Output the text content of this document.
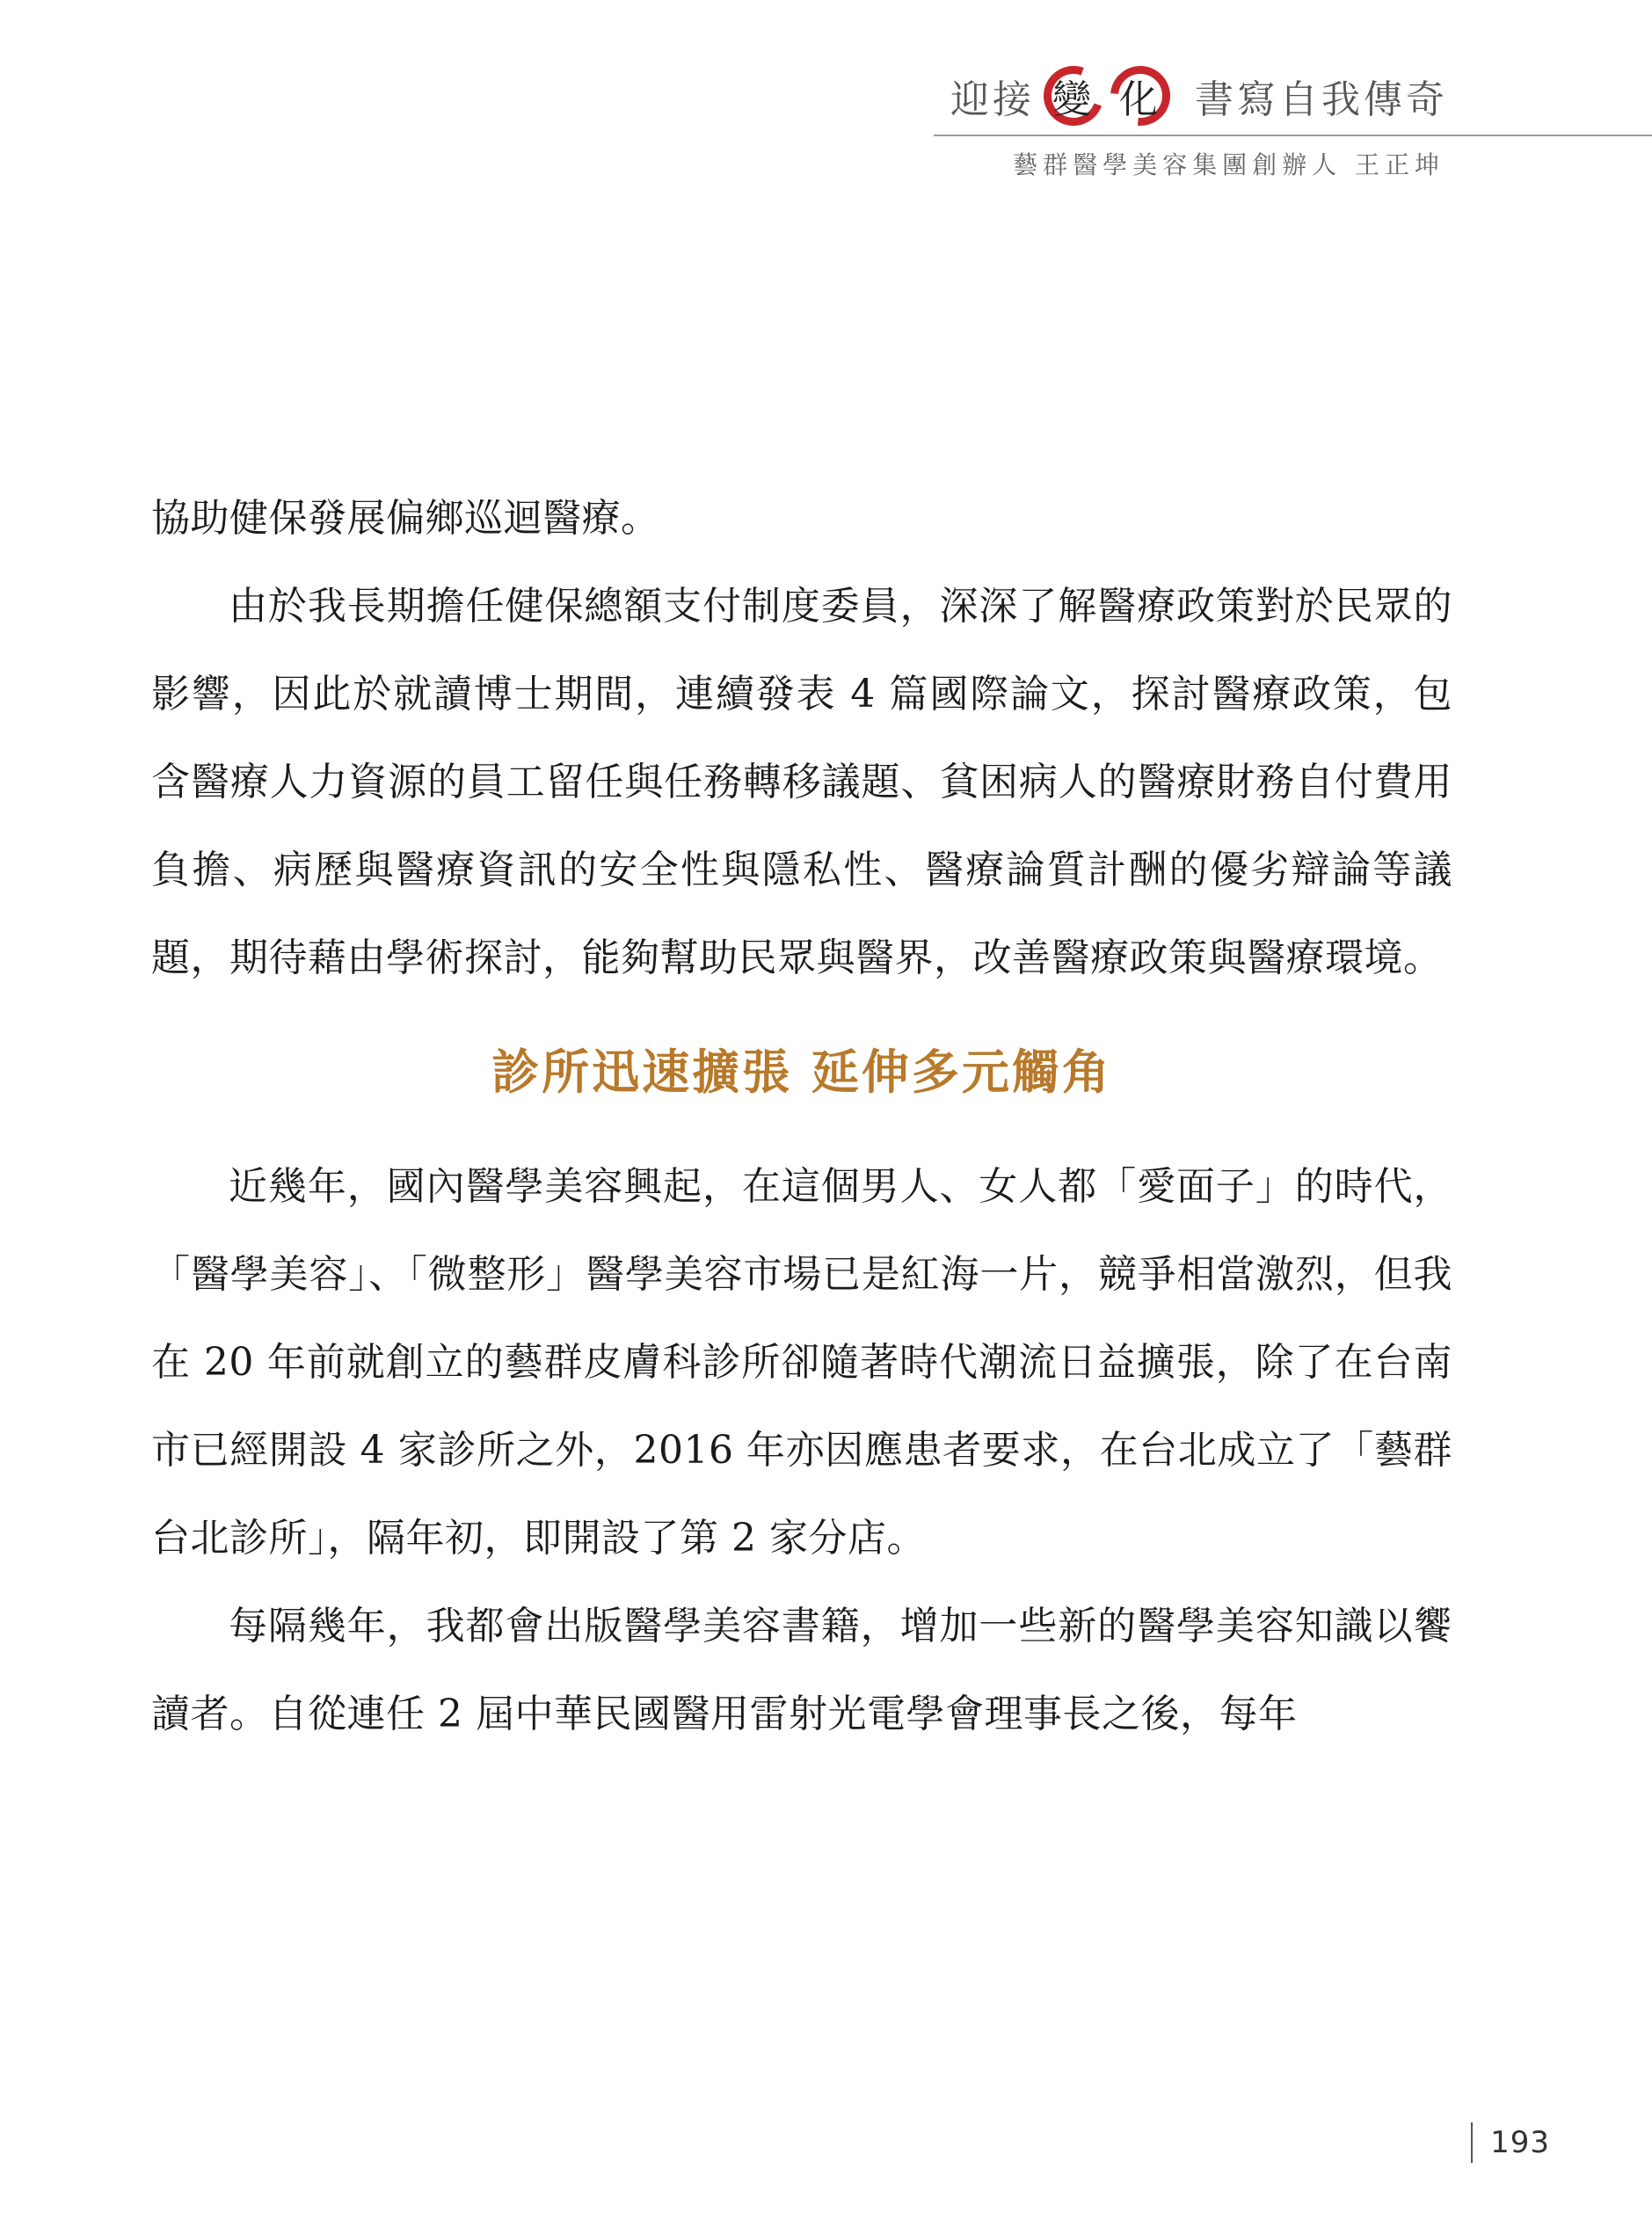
迎接 變 化 書寫自我傳奇
藝群醫學美容集團創辦人 王正坤

協助健保發展偏鄉巡迴醫療。

由於我長期擔任健保總額支付制度委員，深深了解醫療政策對於民眾的影響，因此於就讀博士期間，連續發表 4 篇國際論文，探討醫療政策，包含醫療人力資源的員工留任與任務轉移議題、貧困病人的醫療財務自付費用負擔、病歷與醫療資訊的安全性與隱私性、醫療論質計酬的優劣辯論等議題，期待藉由學術探討，能夠幫助民眾與醫界，改善醫療政策與醫療環境。

診所迅速擴張 延伸多元觸角

近幾年，國內醫學美容興起，在這個男人、女人都「愛面子」的時代，「醫學美容」、「微整形」醫學美容市場已是紅海一片，競爭相當激烈，但我在 20 年前就創立的藝群皮膚科診所卻隨著時代潮流日益擴張，除了在台南市已經開設 4 家診所之外，2016 年亦因應患者要求，在台北成立了「藝群台北診所」，隔年初，即開設了第 2 家分店。

每隔幾年，我都會出版醫學美容書籍，增加一些新的醫學美容知識以饗讀者。自從連任 2 屆中華民國醫用雷射光電學會理事長之後，每年

193
